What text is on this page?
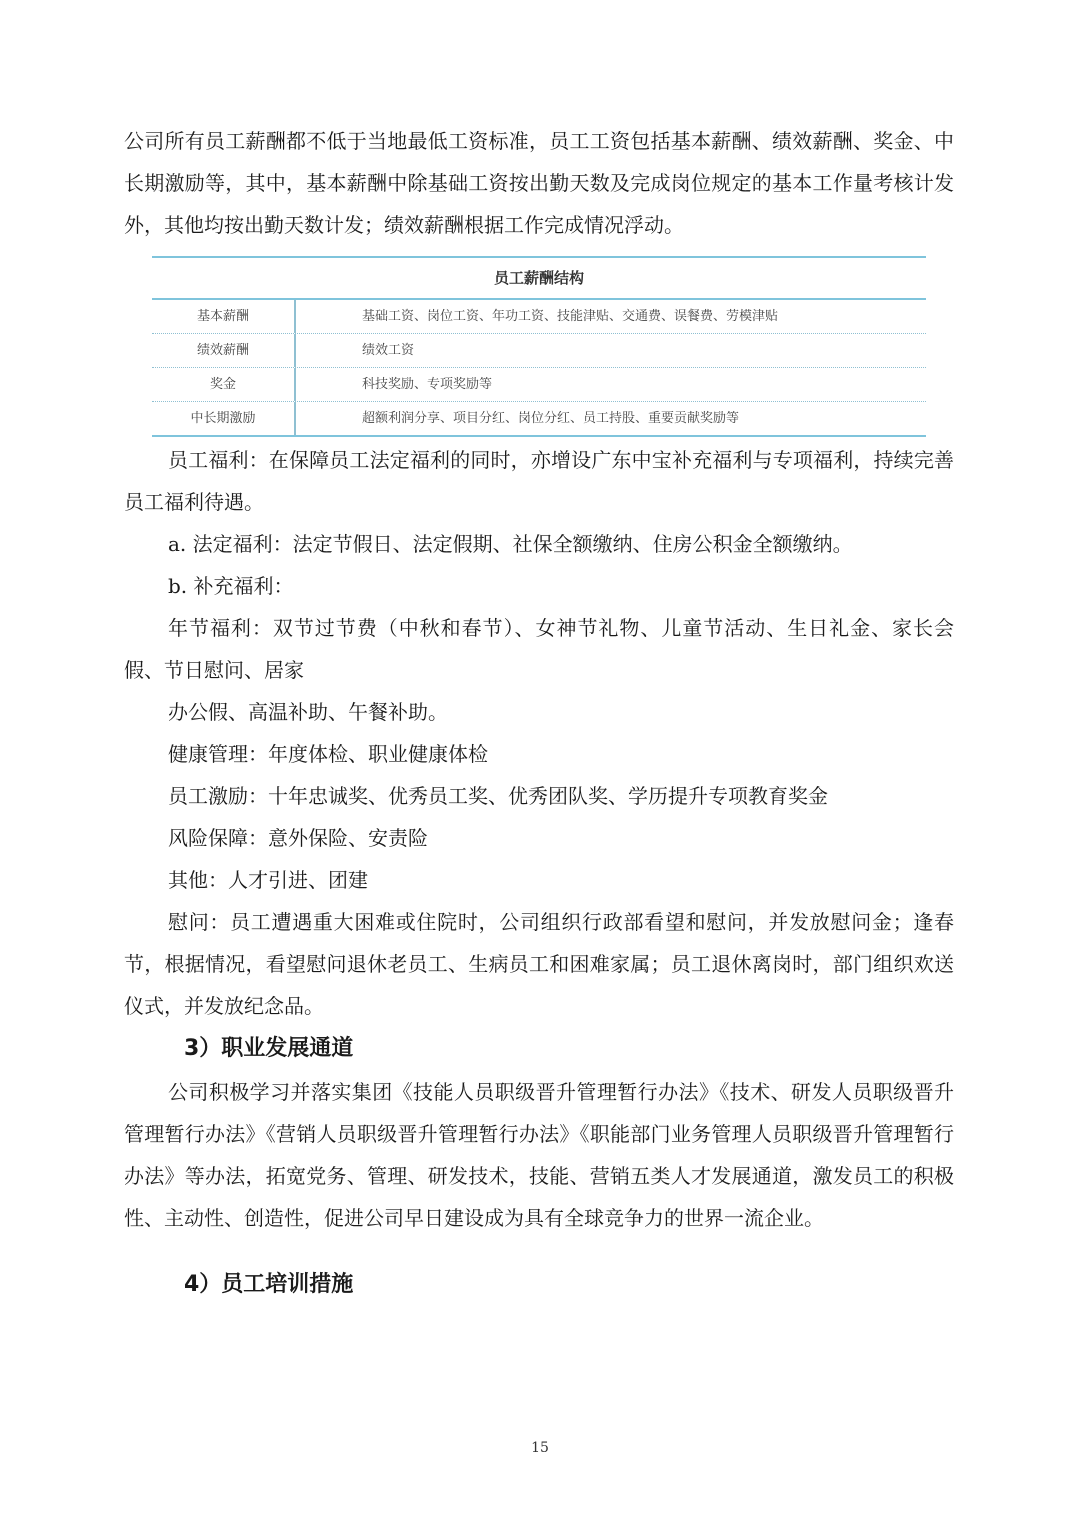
公司所有员工薪酬都不低于当地最低工资标准，员工工资包括基本薪酬、绩效薪酬、奖金、中长期激励等，其中，基本薪酬中除基础工资按出勤天数及完成岗位规定的基本工作量考核计发外，其他均按出勤天数计发；绩效薪酬根据工作完成情况浮动。

员工薪酬结构
基本薪酬	基础工资、岗位工资、年功工资、技能津贴、交通费、误餐费、劳模津贴
绩效薪酬	绩效工资
奖金	科技奖励、专项奖励等
中长期激励	超额利润分享、项目分红、岗位分红、员工持股、重要贡献奖励等

员工福利：在保障员工法定福利的同时，亦增设广东中宝补充福利与专项福利，持续完善员工福利待遇。

a. 法定福利：法定节假日、法定假期、社保全额缴纳、住房公积金全额缴纳。

b. 补充福利：

年节福利：双节过节费（中秋和春节）、女神节礼物、儿童节活动、生日礼金、家长会假、节日慰问、居家

办公假、高温补助、午餐补助。

健康管理：年度体检、职业健康体检

员工激励：十年忠诚奖、优秀员工奖、优秀团队奖、学历提升专项教育奖金

风险保障：意外保险、安责险

其他：人才引进、团建

慰问：员工遭遇重大困难或住院时，公司组织行政部看望和慰问，并发放慰问金；逢春节，根据情况，看望慰问退休老员工、生病员工和困难家属；员工退休离岗时，部门组织欢送仪式，并发放纪念品。

3）职业发展通道

公司积极学习并落实集团《技能人员职级晋升管理暂行办法》《技术、研发人员职级晋升管理暂行办法》《营销人员职级晋升管理暂行办法》《职能部门业务管理人员职级晋升管理暂行办法》等办法，拓宽党务、管理、研发技术，技能、营销五类人才发展通道，激发员工的积极性、主动性、创造性，促进公司早日建设成为具有全球竞争力的世界一流企业。

4）员工培训措施
15
